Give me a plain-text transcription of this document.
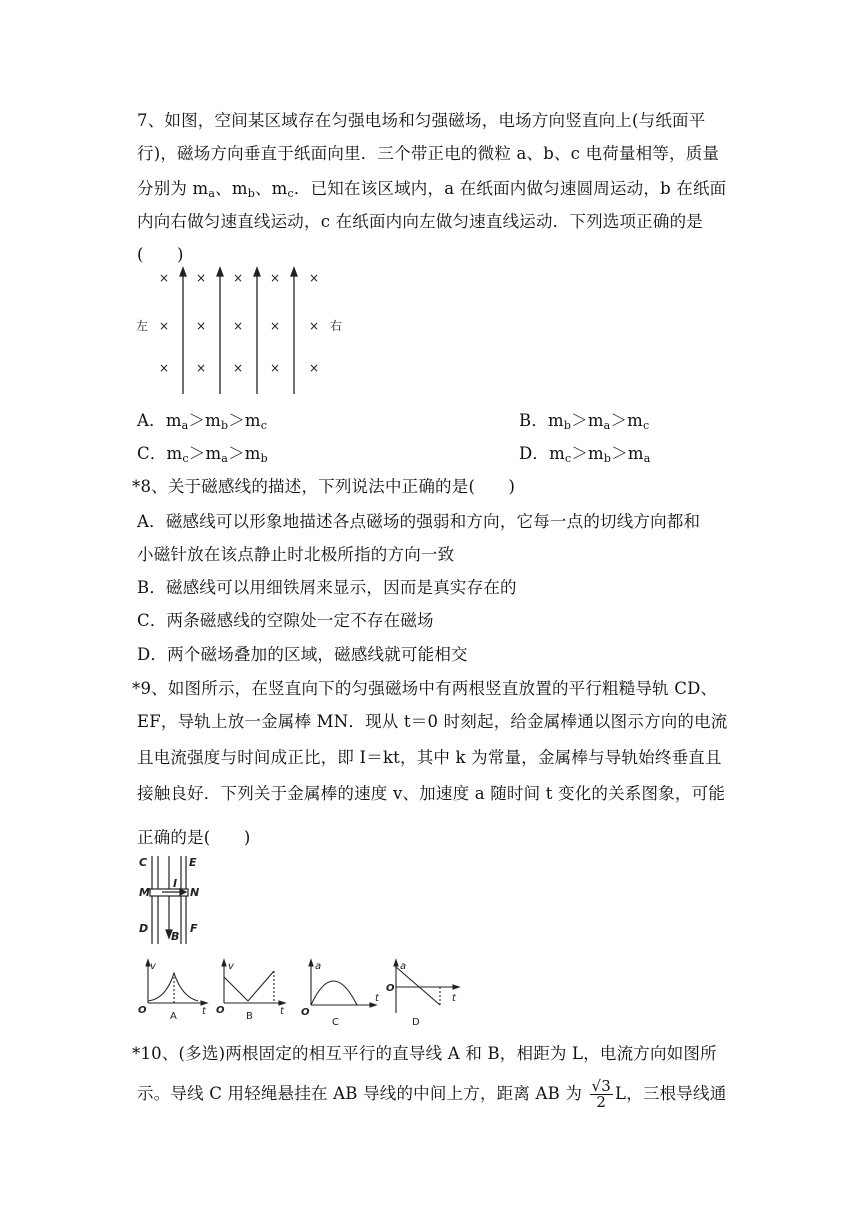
7、如图，空间某区域存在匀强电场和匀强磁场，电场方向竖直向上(与纸面平
行)，磁场方向垂直于纸面向里．三个带正电的微粒 a、b、c 电荷量相等，质量
分别为 $m_a$、$m_b$、$m_c$．已知在该区域内，a 在纸面内做匀速圆周运动，b 在纸面
内向右做匀速直线运动，c 在纸面内向左做匀速直线运动．下列选项正确的是
(　　)
× × × × ×
× × × × ×
× × × × ×
左	右
A．$m_a>m_b>m_c$	B．$m_b>m_a>m_c$
C．$m_c>m_a>m_b$	D．$m_c>m_b>m_a$
*8、关于磁感线的描述，下列说法中正确的是(　　)
A．磁感线可以形象地描述各点磁场的强弱和方向，它每一点的切线方向都和
小磁针放在该点静止时北极所指的方向一致
B．磁感线可以用细铁屑来显示，因而是真实存在的
C．两条磁感线的空隙处一定不存在磁场
D．两个磁场叠加的区域，磁感线就可能相交
*9、如图所示，在竖直向下的匀强磁场中有两根竖直放置的平行粗糙导轨 CD、
EF，导轨上放一金属棒 MN．现从 t＝0 时刻起，给金属棒通以图示方向的电流
且电流强度与时间成正比，即 I＝kt，其中 k 为常量，金属棒与导轨始终垂直且
接触良好．下列关于金属棒的速度 v、加速度 a 随时间 t 变化的关系图象，可能
正确的是(　　)
C	E
M	N
I
D
B
F
v
t
O
A
v
t
O
B
a
t
O
C
a
t
O
D
*10、(多选)两根固定的相互平行的直导线 A 和 B，相距为 L，电流方向如图所
示。导线 C 用轻绳悬挂在 AB 导线的中间上方，距离 AB 为 $\frac{√3}{2}$ L，三根导线通
